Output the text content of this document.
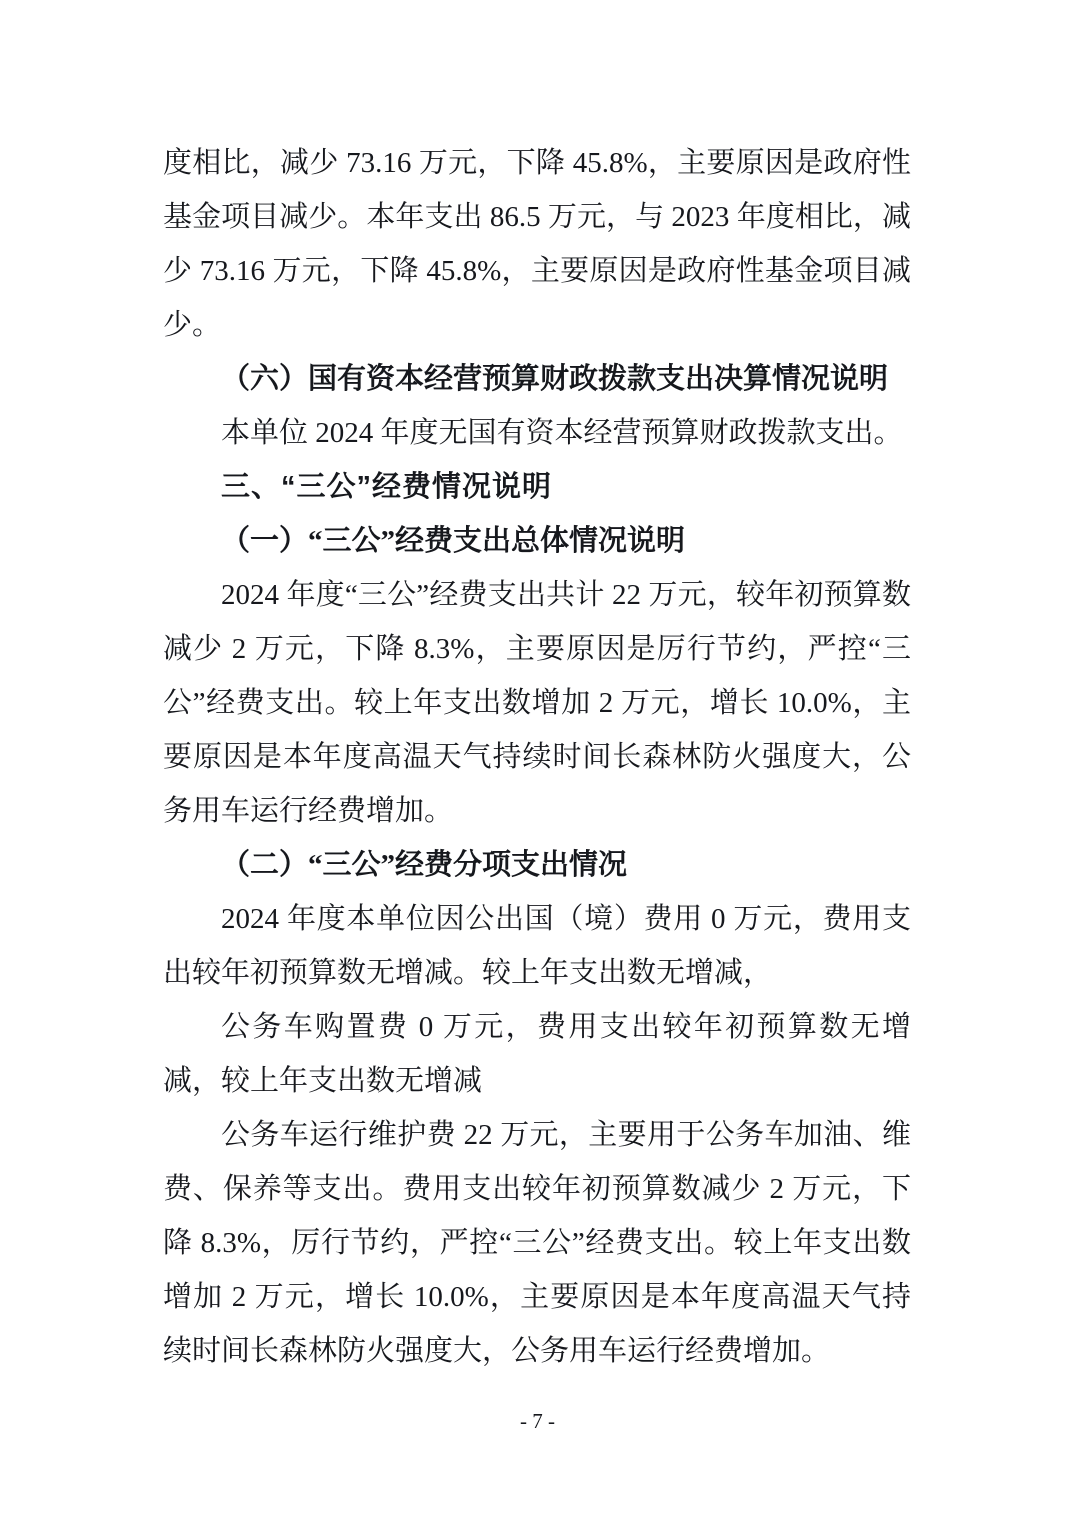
度相比，减少 73.16 万元，下降 45.8%，主要原因是政府性基金项目减少。本年支出 86.5 万元，与 2023 年度相比，减少 73.16 万元，下降 45.8%，主要原因是政府性基金项目减少。

（六）国有资本经营预算财政拨款支出决算情况说明

本单位 2024 年度无国有资本经营预算财政拨款支出。

三、“三公”经费情况说明
（一）“三公”经费支出总体情况说明

2024 年度“三公”经费支出共计 22 万元，较年初预算数减少 2 万元，下降 8.3%，主要原因是厉行节约，严控“三公”经费支出。较上年支出数增加 2 万元，增长 10.0%，主要原因是本年度高温天气持续时间长森林防火强度大，公务用车运行经费增加。

（二）“三公”经费分项支出情况

2024 年度本单位因公出国（境）费用 0 万元，费用支出较年初预算数无增减。较上年支出数无增减，

公务车购置费 0 万元，费用支出较年初预算数无增减，较上年支出数无增减

公务车运行维护费 22 万元，主要用于公务车加油、维费、保养等支出。费用支出较年初预算数减少 2 万元，下降 8.3%，厉行节约，严控“三公”经费支出。较上年支出数增加 2 万元，增长 10.0%，主要原因是本年度高温天气持续时间长森林防火强度大，公务用车运行经费增加。

- 7 -
